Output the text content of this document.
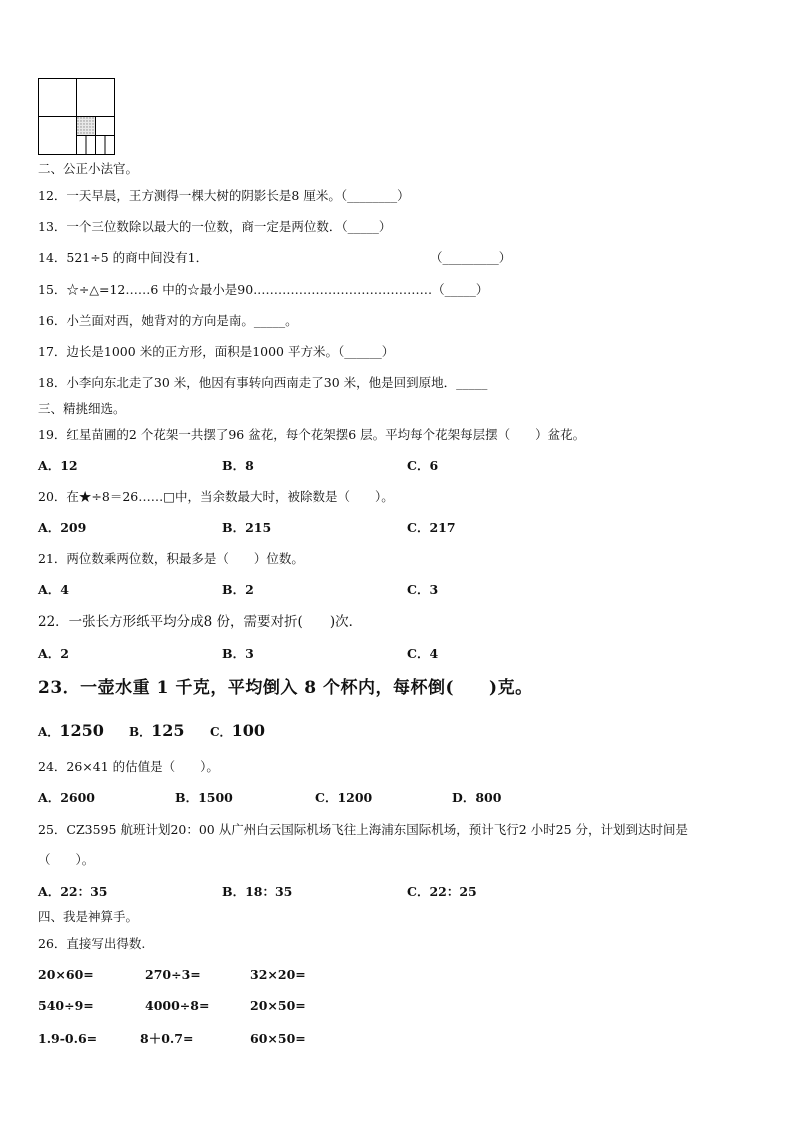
二、公正小法官。
12．一天早晨，王方测得一棵大树的阴影长是8 厘米。（________）
13．一个三位数除以最大的一位数，商一定是两位数．（_____）
14．521÷5 的商中间没有1．	（_________）
15．☆÷△=12……6 中的☆最小是90.……………………………………（_____）
16．小兰面对西，她背对的方向是南。_____。
17．边长是1000 米的正方形，面积是1000 平方米。（______）
18．小李向东北走了30 米，他因有事转向西南走了30 米，他是回到原地．_____
三、精挑细选。
19．红星苗圃的2 个花架一共摆了96 盆花，每个花架摆6 层。平均每个花架每层摆（　　）盆花。
A．12	B．8	C．6
20．在★÷8＝26……□中，当余数最大时，被除数是（　　）。
A．209	B．215	C．217
21．两位数乘两位数，积最多是（　　）位数。
A．4	B．2	C．3
22．一张长方形纸平均分成8 份，需要对折(　　)次．
A．2	B．3	C．4
23．一壶水重 1 千克，平均倒入 8 个杯内，每杯倒(　　)克。
A．1250 B．125 C．100
24．26×41 的估值是（　　）。
A．2600	B．1500	C．1200	D．800
25．CZ3595 航班计划20：00 从广州白云国际机场飞往上海浦东国际机场，预计飞行2 小时25 分，计划到达时间是
（　　）。
A．22：35	B．18：35	C．22：25
四、我是神算手。
26．直接写出得数.
20×60=	270÷3=	32×20=
540÷9=	4000÷8=	20×50=
1.9-0.6=	8＋0.7=	60×50=
